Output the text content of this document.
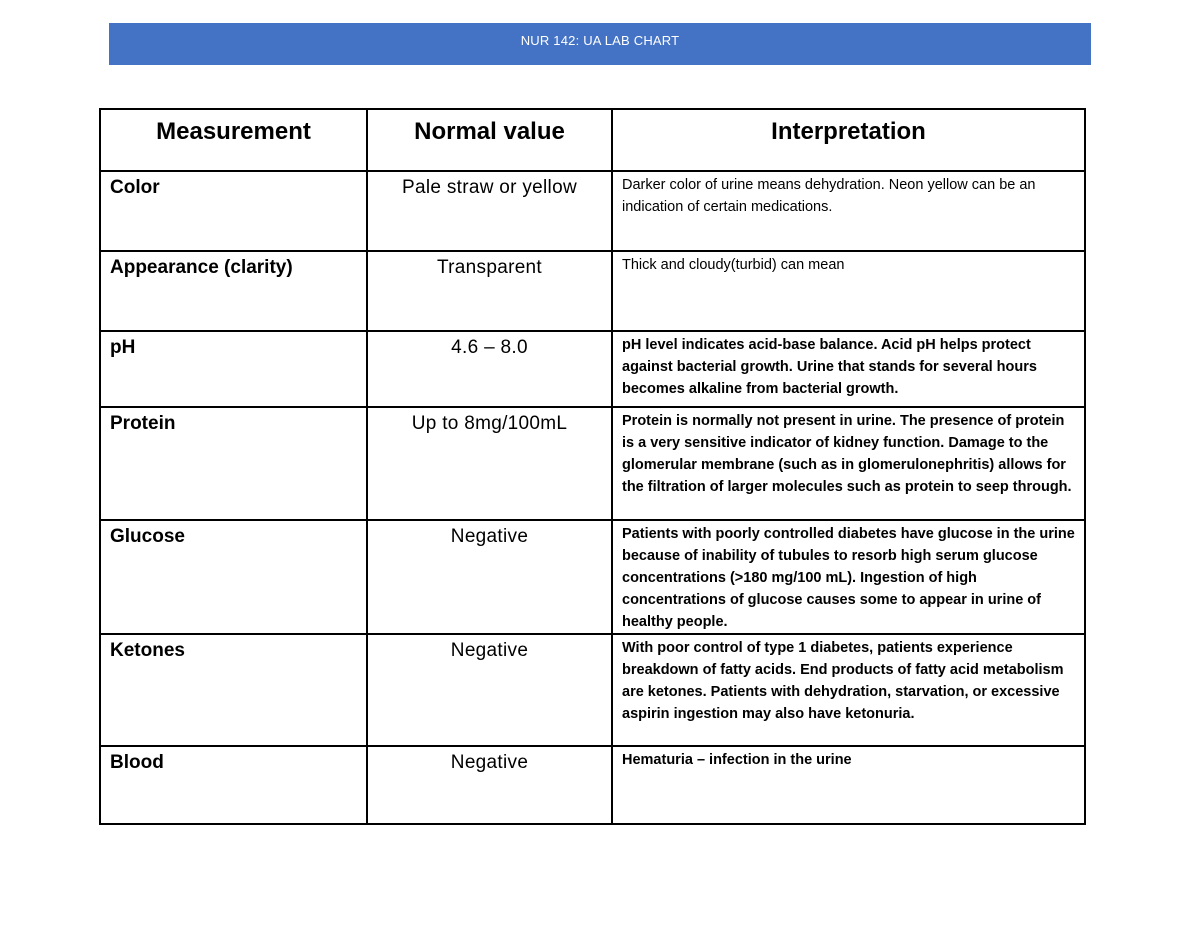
NUR 142: UA LAB CHART
Measurement	Normal value	Interpretation
Color	Pale straw or yellow	Darker color of urine means dehydration. Neon yellow can be an indication of certain medications.
Appearance (clarity)	Transparent	Thick and cloudy(turbid) can mean
pH	4.6 – 8.0	pH level indicates acid-base balance. Acid pH helps protect against bacterial growth. Urine that stands for several hours becomes alkaline from bacterial growth.
Protein	Up to 8mg/100mL	Protein is normally not present in urine. The presence of protein is a very sensitive indicator of kidney function. Damage to the glomerular membrane (such as in glomerulonephritis) allows for the filtration of larger molecules such as protein to seep through.
Glucose	Negative	Patients with poorly controlled diabetes have glucose in the urine because of inability of tubules to resorb high serum glucose concentrations (>180 mg/100 mL). Ingestion of high concentrations of glucose causes some to appear in urine of healthy people.
Ketones	Negative	With poor control of type 1 diabetes, patients experience breakdown of fatty acids. End products of fatty acid metabolism are ketones. Patients with dehydration, starvation, or excessive aspirin ingestion may also have ketonuria.
Blood	Negative	Hematuria – infection in the urine
